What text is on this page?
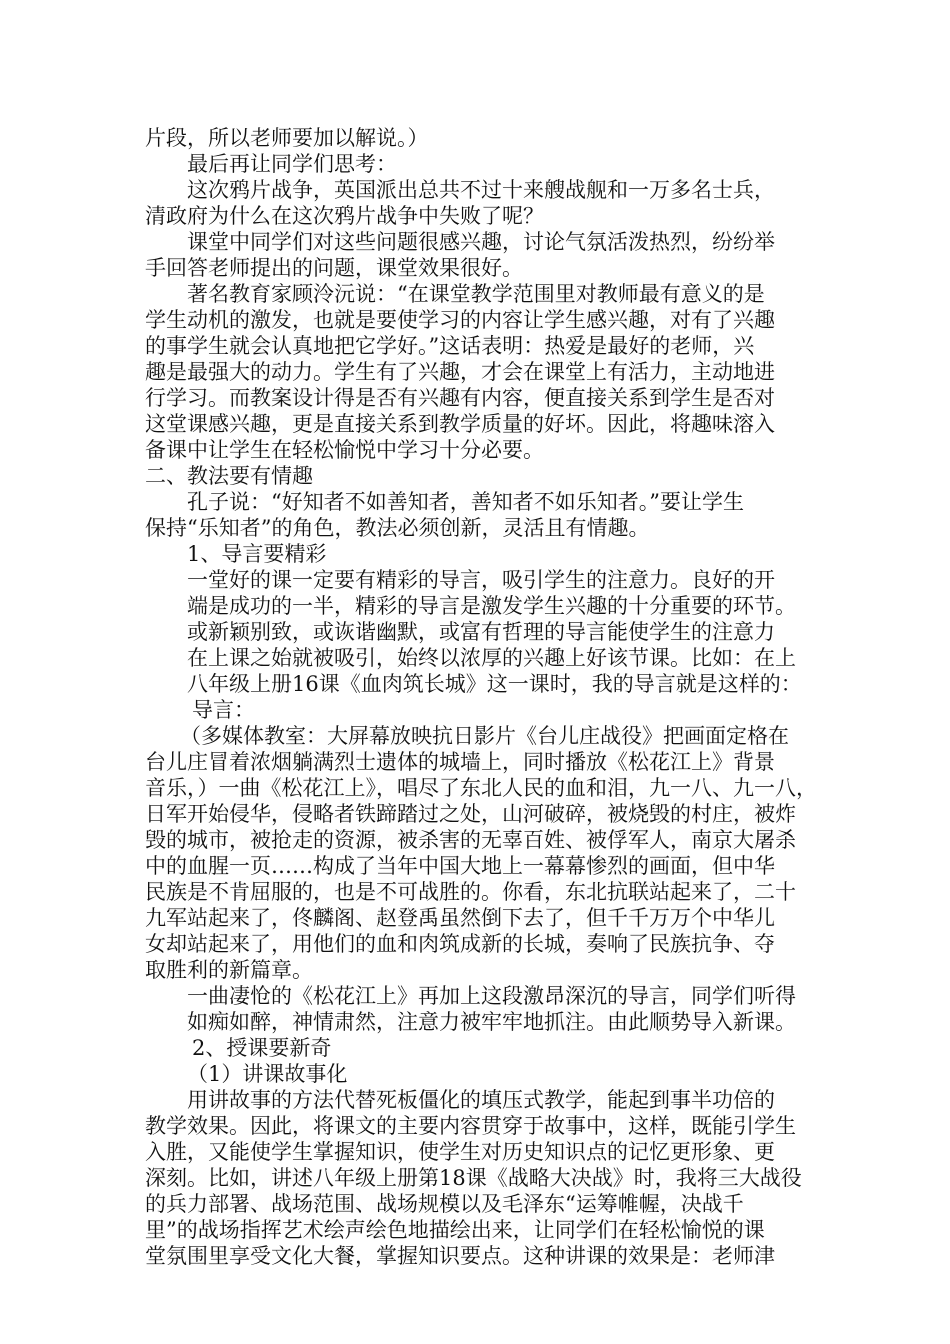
片段，所以老师要加以解说。）
最后再让同学们思考：
这次鸦片战争，英国派出总共不过十来艘战舰和一万多名士兵，
清政府为什么在这次鸦片战争中失败了呢？
课堂中同学们对这些问题很感兴趣，讨论气氛活泼热烈，纷纷举
手回答老师提出的问题，课堂效果很好。
著名教育家顾泠沅说：“在课堂教学范围里对教师最有意义的是
学生动机的激发，也就是要使学习的内容让学生感兴趣，对有了兴趣
的事学生就会认真地把它学好。”这话表明：热爱是最好的老师，兴
趣是最强大的动力。学生有了兴趣，才会在课堂上有活力，主动地进
行学习。而教案设计得是否有兴趣有内容，便直接关系到学生是否对
这堂课感兴趣，更是直接关系到教学质量的好坏。因此，将趣味溶入
备课中让学生在轻松愉悦中学习十分必要。
二、教法要有情趣
孔子说：“好知者不如善知者，善知者不如乐知者。”要让学生
保持“乐知者”的角色，教法必须创新，灵活且有情趣。
1、导言要精彩
一堂好的课一定要有精彩的导言，吸引学生的注意力。良好的开
端是成功的一半，精彩的导言是激发学生兴趣的十分重要的环节。
或新颖别致，或诙谐幽默，或富有哲理的导言能使学生的注意力
在上课之始就被吸引，始终以浓厚的兴趣上好该节课。比如：在上
八年级上册16课《血肉筑长城》这一课时，我的导言就是这样的：
导言：
（多媒体教室：大屏幕放映抗日影片《台儿庄战役》把画面定格在
台儿庄冒着浓烟躺满烈士遗体的城墙上，同时播放《松花江上》背景
音乐，）一曲《松花江上》，唱尽了东北人民的血和泪，九一八、九一八，
日军开始侵华，侵略者铁蹄踏过之处，山河破碎，被烧毁的村庄，被炸
毁的城市，被抢走的资源，被杀害的无辜百姓、被俘军人，南京大屠杀
中的血腥一页……构成了当年中国大地上一幕幕惨烈的画面，但中华
民族是不肯屈服的，也是不可战胜的。你看，东北抗联站起来了，二十
九军站起来了，佟麟阁、赵登禹虽然倒下去了，但千千万万个中华儿
女却站起来了，用他们的血和肉筑成新的长城，奏响了民族抗争、夺
取胜利的新篇章。
一曲凄怆的《松花江上》再加上这段激昂深沉的导言，同学们听得
如痴如醉，神情肃然，注意力被牢牢地抓注。由此顺势导入新课。
2、授课要新奇
（1）讲课故事化
用讲故事的方法代替死板僵化的填压式教学，能起到事半功倍的
教学效果。因此，将课文的主要内容贯穿于故事中，这样，既能引学生
入胜，又能使学生掌握知识，使学生对历史知识点的记忆更形象、更
深刻。比如，讲述八年级上册第18课《战略大决战》时，我将三大战役
的兵力部署、战场范围、战场规模以及毛泽东“运筹帷幄，决战千
里”的战场指挥艺术绘声绘色地描绘出来，让同学们在轻松愉悦的课
堂氛围里享受文化大餐，掌握知识要点。这种讲课的效果是：老师津
